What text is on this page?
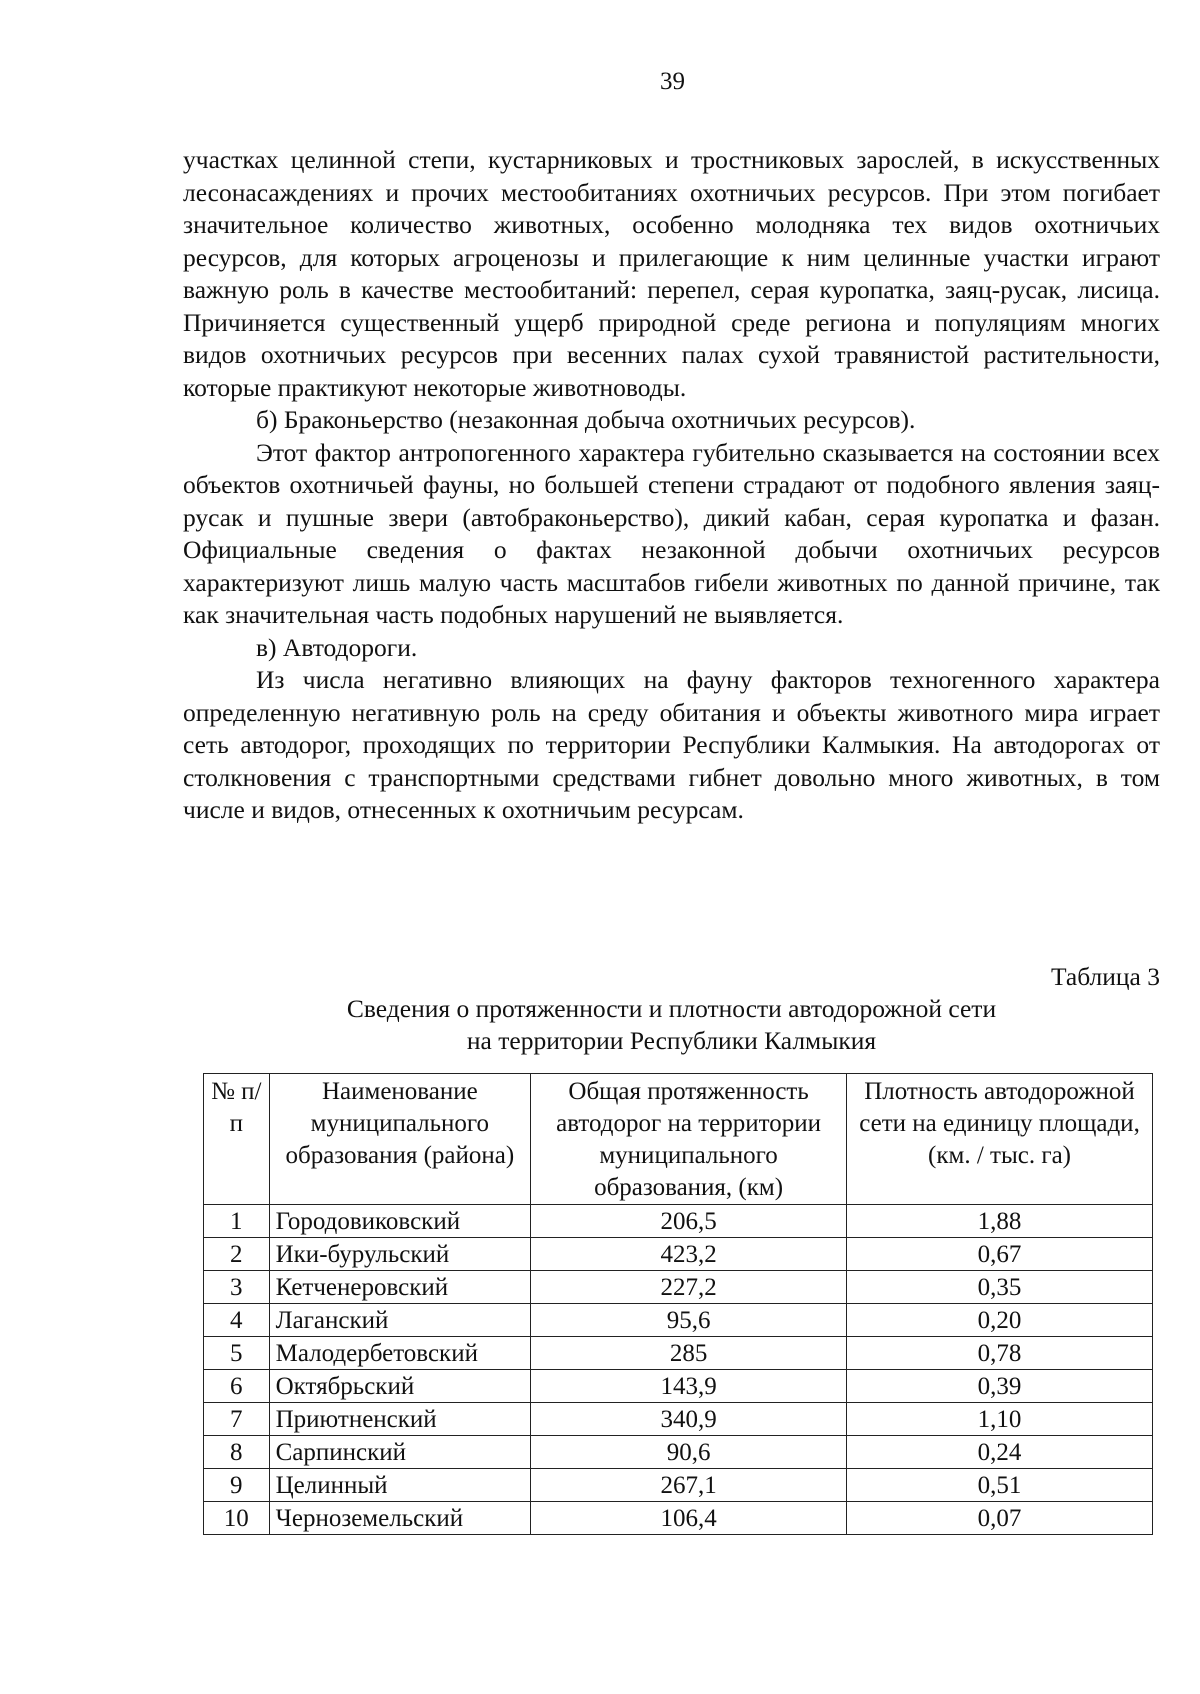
39

участках целинной степи, кустарниковых и тростниковых зарослей, в искусственных лесонасаждениях и прочих местообитаниях охотничьих ресурсов. При этом погибает значительное количество животных, особенно молодняка тех видов охотничьих ресурсов, для которых агроценозы и прилегающие к ним целинные участки играют важную роль в качестве местообитаний: перепел, серая куропатка, заяц-русак, лисица. Причиняется существенный ущерб природной среде региона и популяциям многих видов охотничьих ресурсов при весенних палах сухой травянистой растительности, которые практикуют некоторые животноводы.

б) Браконьерство (незаконная добыча охотничьих ресурсов).

Этот фактор антропогенного характера губительно сказывается на состоянии всех объектов охотничьей фауны, но большей степени страдают от подобного явления заяц-русак и пушные звери (автобраконьерство), дикий кабан, серая куропатка и фазан. Официальные сведения о фактах незаконной добычи охотничьих ресурсов характеризуют лишь малую часть масштабов гибели животных по данной причине, так как значительная часть подобных нарушений не выявляется.

в) Автодороги.

Из числа негативно влияющих на фауну факторов техногенного характера определенную негативную роль на среду обитания и объекты животного мира играет сеть автодорог, проходящих по территории Республики Калмыкия. На автодорогах от столкновения с транспортными средствами гибнет довольно много животных, в том числе и видов, отнесенных к охотничьим ресурсам.

Таблица 3
Сведения о протяженности и плотности автодорожной сети
на территории Республики Калмыкия
№ п/п	Наименование муниципального образования (района)	Общая протяженность автодорог на территории муниципального образования, (км)	Плотность автодорожной сети на единицу площади, (км. / тыс. га)
1	Городовиковский	206,5	1,88
2	Ики-бурульский	423,2	0,67
3	Кетченеровский	227,2	0,35
4	Лаганский	95,6	0,20
5	Малодербетовский	285	0,78
6	Октябрьский	143,9	0,39
7	Приютненский	340,9	1,10
8	Сарпинский	90,6	0,24
9	Целинный	267,1	0,51
10	Черноземельский	106,4	0,07
